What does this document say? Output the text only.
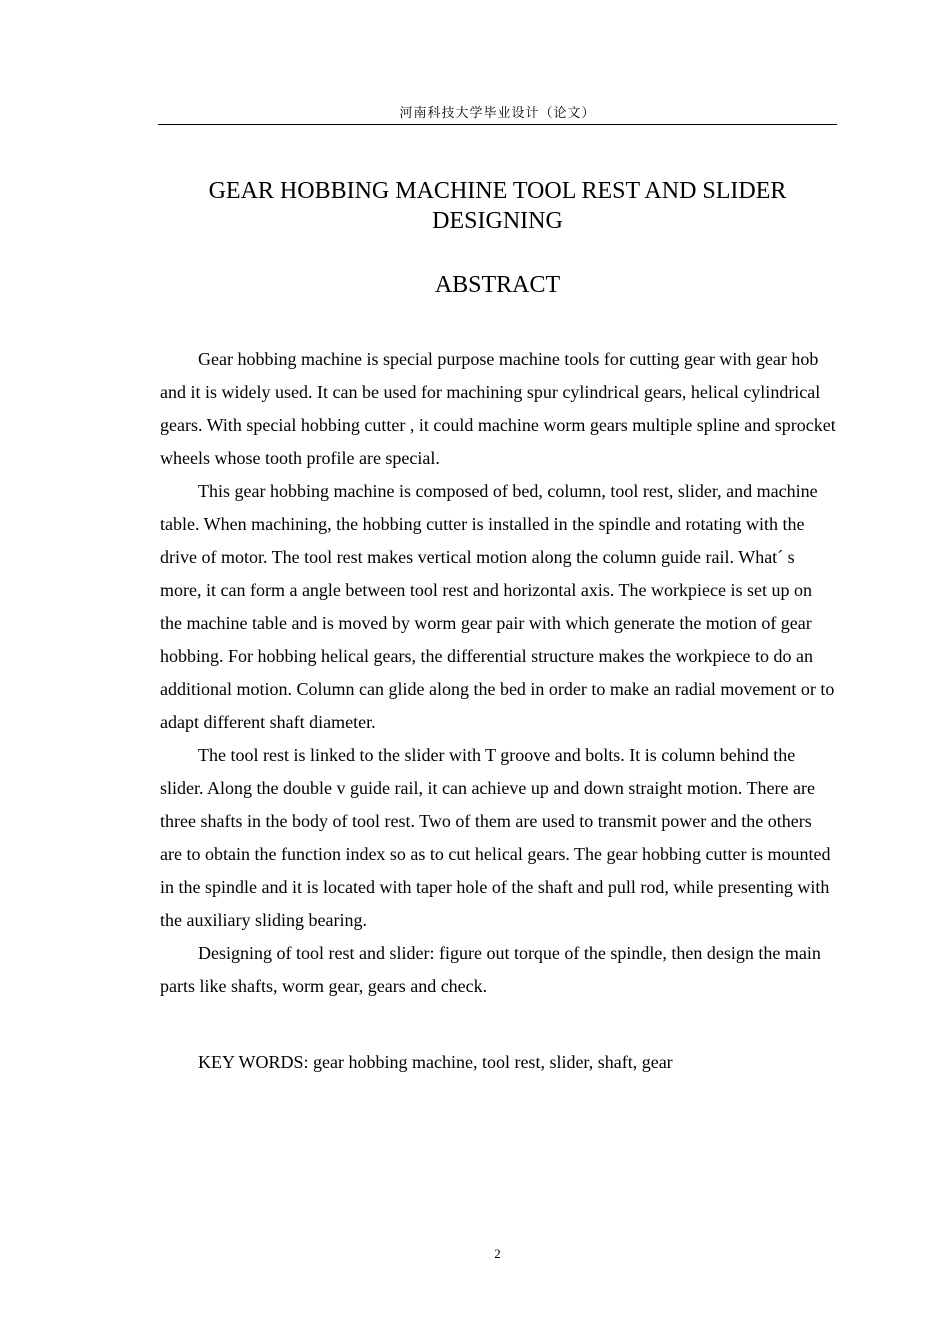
河南科技大学毕业设计（论文）
GEAR HOBBING MACHINE TOOL REST AND SLIDER
DESIGNING
ABSTRACT

Gear hobbing machine is special purpose machine tools for cutting gear with gear hob and it is widely used. It can be used for machining spur cylindrical gears, helical cylindrical gears. With special hobbing cutter , it could machine worm gears multiple spline and sprocket wheels whose tooth profile are special.

This gear hobbing machine is composed of bed, column, tool rest, slider, and machine table. When machining, the hobbing cutter is installed in the spindle and rotating with the drive of motor. The tool rest makes vertical motion along the column guide rail. What´ s more, it can form a angle between tool rest and horizontal axis. The workpiece is set up on the machine table and is moved by worm gear pair with which generate the motion of gear hobbing. For hobbing helical gears, the differential structure makes the workpiece to do an additional motion. Column can glide along the bed in order to make an radial movement or to adapt different shaft diameter.

The tool rest is linked to the slider with T groove and bolts. It is column behind the slider. Along the double v guide rail, it can achieve up and down straight motion. There are three shafts in the body of tool rest. Two of them are used to transmit power and the others are to obtain the function index so as to cut helical gears. The gear hobbing cutter is mounted in the spindle and it is located with taper hole of the shaft and pull rod, while presenting with the auxiliary sliding bearing.

Designing of tool rest and slider: figure out torque of the spindle, then design the main parts like shafts, worm gear, gears and check.

KEY WORDS: gear hobbing machine, tool rest, slider, shaft, gear

2
